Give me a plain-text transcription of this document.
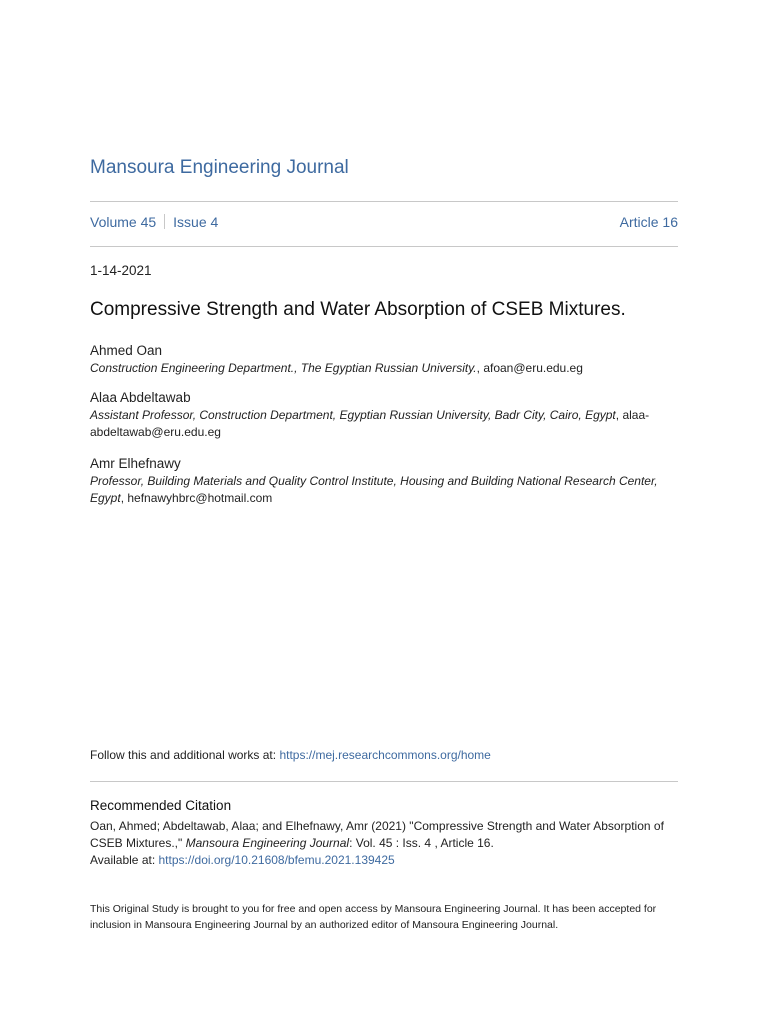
Mansoura Engineering Journal
Volume 45 Issue 4	Article 16
1-14-2021
Compressive Strength and Water Absorption of CSEB Mixtures.
Ahmed Oan
Construction Engineering Department., The Egyptian Russian University., afoan@eru.edu.eg
Alaa Abdeltawab
Assistant Professor, Construction Department, Egyptian Russian University, Badr City, Cairo, Egypt, alaa-abdeltawab@eru.edu.eg
Amr Elhefnawy
Professor, Building Materials and Quality Control Institute, Housing and Building National Research Center, Egypt, hefnawyhbrc@hotmail.com
Follow this and additional works at: https://mej.researchcommons.org/home
Recommended Citation
Oan, Ahmed; Abdeltawab, Alaa; and Elhefnawy, Amr (2021) "Compressive Strength and Water Absorption of CSEB Mixtures.," Mansoura Engineering Journal: Vol. 45 : Iss. 4 , Article 16.
Available at: https://doi.org/10.21608/bfemu.2021.139425
This Original Study is brought to you for free and open access by Mansoura Engineering Journal. It has been accepted for inclusion in Mansoura Engineering Journal by an authorized editor of Mansoura Engineering Journal.
